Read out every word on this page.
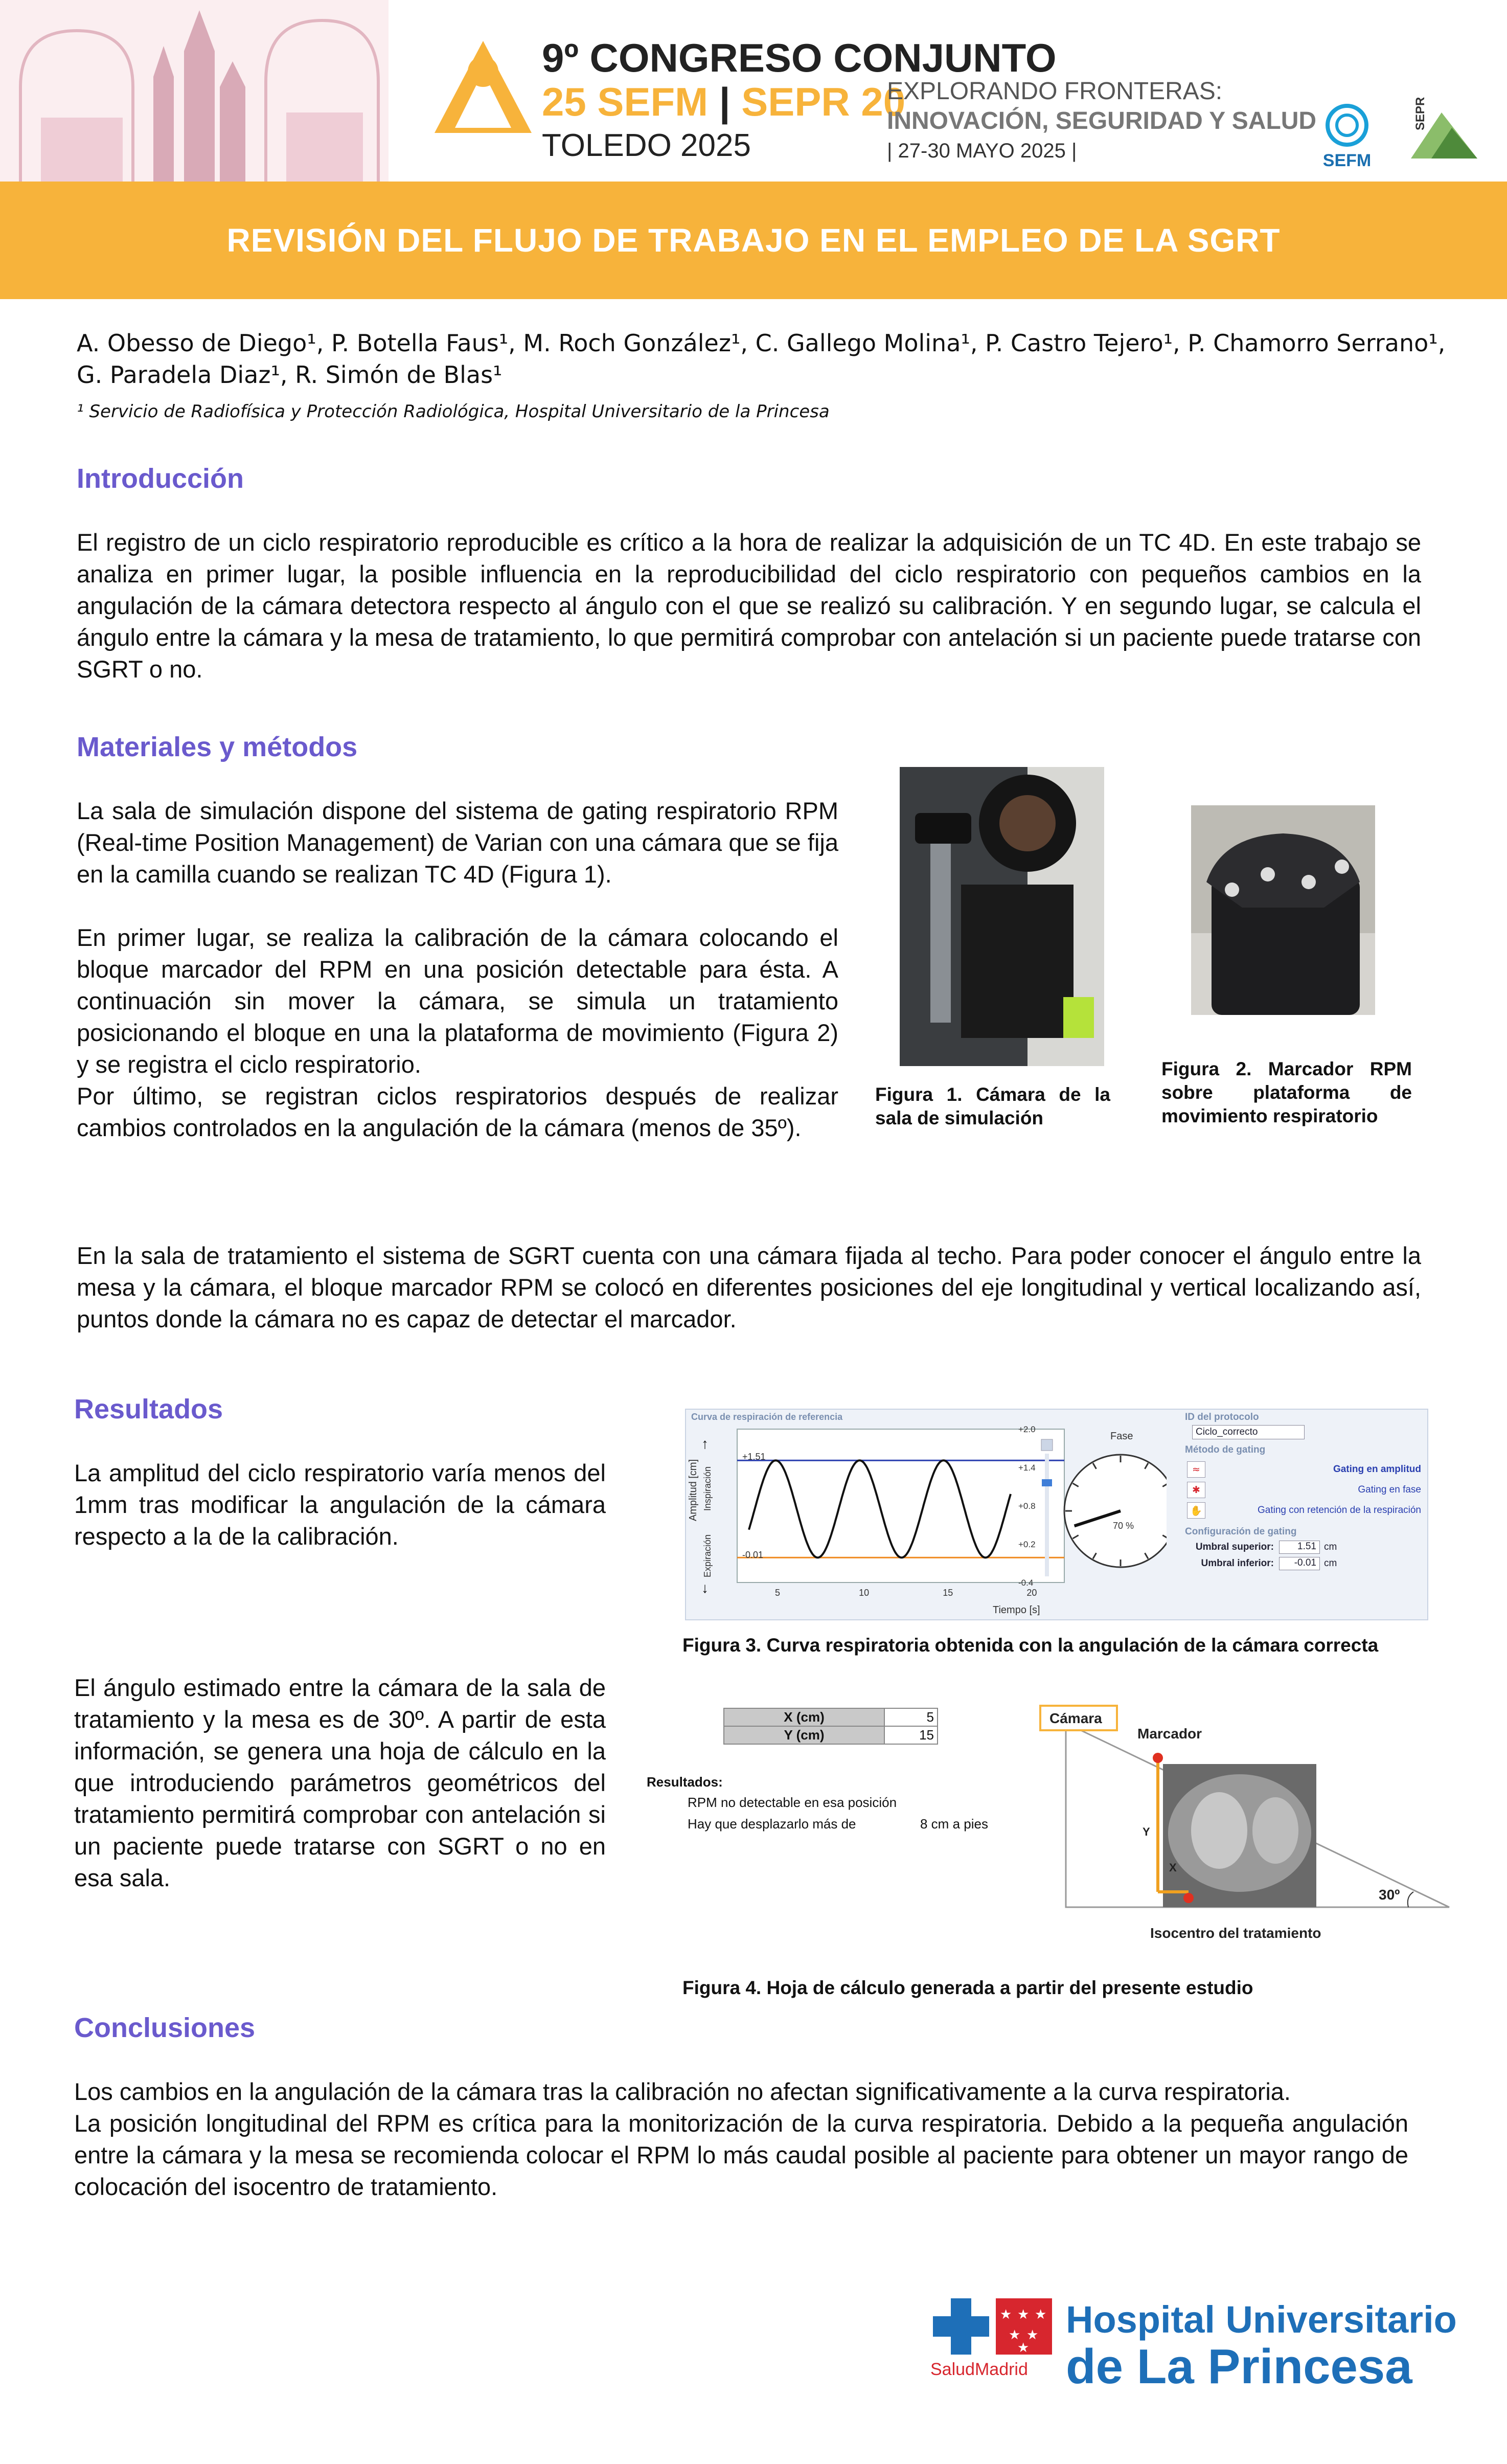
9º CONGRESO CONJUNTO
25 SEFM | SEPR 20
TOLEDO 2025
EXPLORANDO FRONTERAS:
INNOVACIÓN, SEGURIDAD Y SALUD
| 27-30 MAYO 2025 |	SEFM
SEPR
REVISIÓN DEL FLUJO DE TRABAJO EN EL EMPLEO DE LA SGRT
A. Obesso de Diego¹, P. Botella Faus¹, M. Roch González¹, C. Gallego Molina¹, P. Castro Tejero¹, P. Chamorro Serrano¹,
G. Paradela Diaz¹, R. Simón de Blas¹
¹ Servicio de Radiofísica y Protección Radiológica, Hospital Universitario de la Princesa
Introducción
El registro de un ciclo respiratorio reproducible es crítico a la hora de realizar la adquisición de un TC 4D. En este trabajo se analiza en primer lugar, la posible influencia en la reproducibilidad del ciclo respiratorio con pequeños cambios en la angulación de la cámara detectora respecto al ángulo con el que se realizó su calibración. Y en segundo lugar, se calcula el ángulo entre la cámara y la mesa de tratamiento, lo que permitirá comprobar con antelación si un paciente puede tratarse con SGRT o no.
Materiales y métodos
La sala de simulación dispone del sistema de gating respiratorio RPM (Real-time Position Management) de Varian con una cámara que se fija en la camilla cuando se realizan TC 4D (Figura 1).
En primer lugar, se realiza la calibración de la cámara colocando el bloque marcador del RPM en una posición detectable para ésta. A continuación sin mover la cámara, se simula un tratamiento posicionando el bloque en una la plataforma de movimiento (Figura 2) y se registra el ciclo respiratorio.
Por último, se registran ciclos respiratorios después de realizar cambios controlados en la angulación de la cámara (menos de 35º).
Figura 1. Cámara de la sala de simulación
Figura 2. Marcador RPM sobre plataforma de movimiento respiratorio
En la sala de tratamiento el sistema de SGRT cuenta con una cámara fijada al techo. Para poder conocer el ángulo entre la mesa y la cámara, el bloque marcador RPM se colocó en diferentes posiciones del eje longitudinal y vertical localizando así, puntos donde la cámara no es capaz de detectar el marcador.
Resultados
La amplitud del ciclo respiratorio varía menos del 1mm tras modificar la angulación de la cámara respecto a la de la calibración.
Curva de respiración de referencia
Amplitud [cm] Inspiración
Expiración
↑
↓
+1.51
-0.01
+2.0
+1.4
+0.8
+0.2
-0.4
5	10	15	20
Tiempo [s]
Fase
70 %
ID del protocolo
Ciclo_correcto
Método de gating
≈	Gating en amplitud
✱	Gating en fase
✋	Gating con retención de la respiración
Configuración de gating
Umbral superior:	1.51 cm
Umbral inferior:	-0.01 cm
Figura 3. Curva respiratoria obtenida con la angulación de la cámara correcta
El ángulo estimado entre la cámara de la sala de tratamiento y la mesa es de 30º. A partir de esta información, se genera una hoja de cálculo en la que introduciendo parámetros geométricos del tratamiento permitirá comprobar con antelación si un paciente puede tratarse con SGRT o no en esa sala.
X (cm)	5
Y (cm)	15
Resultados:
RPM no detectable en esa posición
Hay que desplazarlo más de	8 cm a pies
Cámara
Marcador
Y
X
30º
Isocentro del tratamiento
Figura 4. Hoja de cálculo generada a partir del presente estudio
Conclusiones
Los cambios en la angulación de la cámara tras la calibración no afectan significativamente a la curva respiratoria.
La posición longitudinal del RPM es crítica para la monitorización de la curva respiratoria. Debido a la pequeña angulación entre la cámara y la mesa se recomienda colocar el RPM lo más caudal posible al paciente para obtener un mayor rango de colocación del isocentro de tratamiento.
★ ★ ★
★ ★
★
SaludMadrid
Hospital Universitario
de La Princesa
